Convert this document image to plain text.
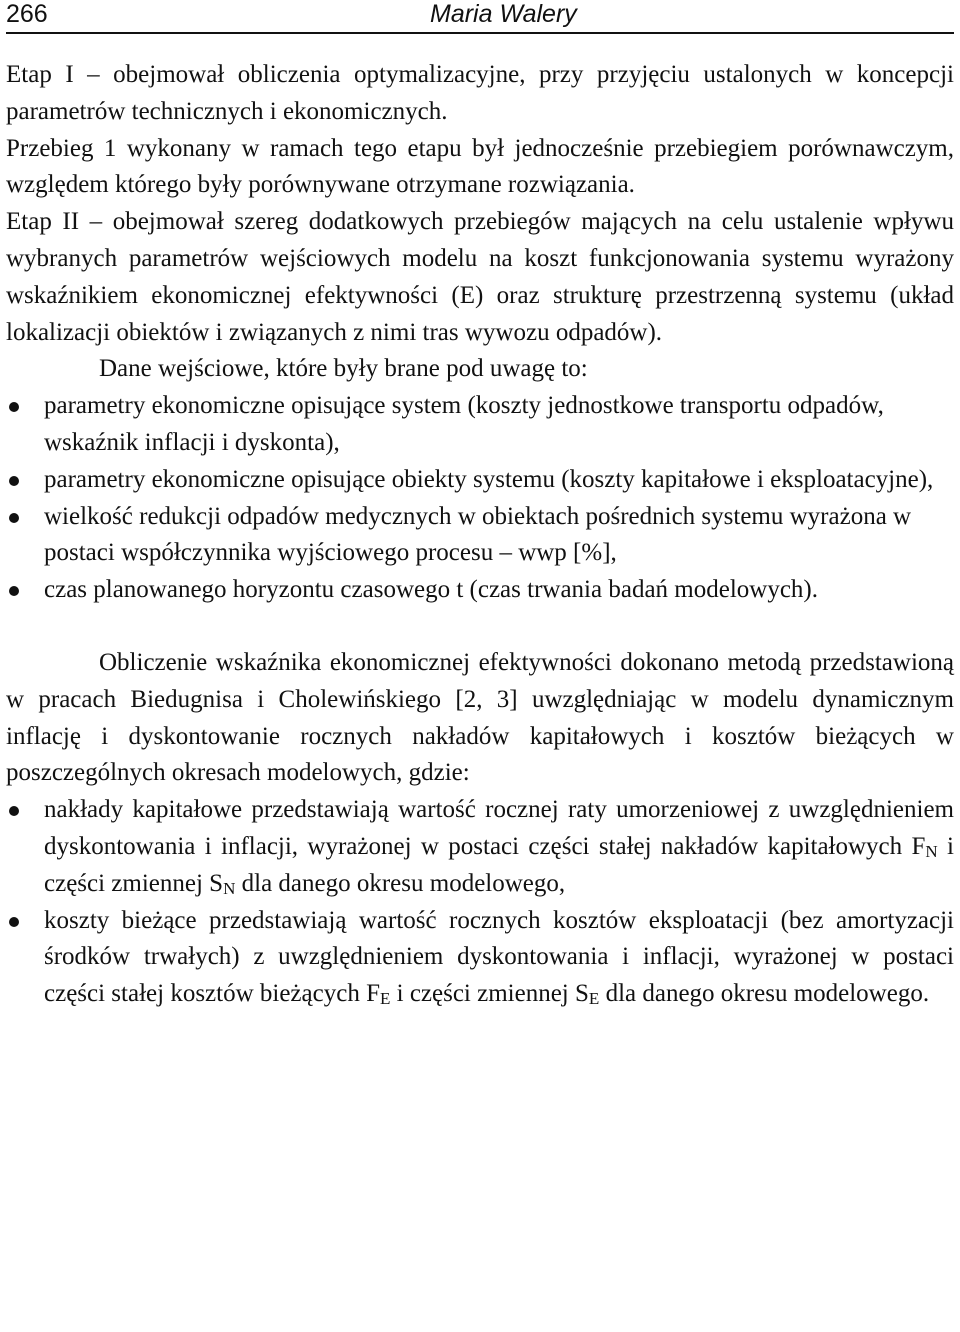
266	Maria Walery

Etap I – obejmował obliczenia optymalizacyjne, przy przyjęciu ustalonych w koncepcji parametrów technicznych i ekonomicznych.

Przebieg 1 wykonany w ramach tego etapu był jednocześnie przebiegiem porównawczym, względem którego były porównywane otrzymane rozwiązania.

Etap II – obejmował szereg dodatkowych przebiegów mających na celu ustalenie wpływu wybranych parametrów wejściowych modelu na koszt funkcjonowania systemu wyrażony wskaźnikiem ekonomicznej efektywności (E) oraz strukturę przestrzenną systemu (układ lokalizacji obiektów i związanych z nimi tras wywozu odpadów).

Dane wejściowe, które były brane pod uwagę to:

parametry ekonomiczne opisujące system (koszty jednostkowe transportu odpadów, wskaźnik inflacji i dyskonta),
parametry ekonomiczne opisujące obiekty systemu (koszty kapitałowe i eksploatacyjne),
wielkość redukcji odpadów medycznych w obiektach pośrednich systemu wyrażona w postaci współczynnika wyjściowego procesu – wwp [%],
czas planowanego horyzontu czasowego t (czas trwania badań modelowych).

Obliczenie wskaźnika ekonomicznej efektywności dokonano metodą przedstawioną w pracach Biedugnisa i Cholewińskiego [2, 3] uwzględniając w modelu dynamicznym inflację i dyskontowanie rocznych nakładów kapitałowych i kosztów bieżących w poszczególnych okresach modelowych, gdzie:

nakłady kapitałowe przedstawiają wartość rocznej raty umorzeniowej z uwzględnieniem dyskontowania i inflacji, wyrażonej w postaci części stałej nakładów kapitałowych $F_N$ i części zmiennej $S_N$ dla danego okresu modelowego,
koszty bieżące przedstawiają wartość rocznych kosztów eksploatacji (bez amortyzacji środków trwałych) z uwzględnieniem dyskontowania i inflacji, wyrażonej w postaci części stałej kosztów bieżących $F_E$ i części zmiennej $S_E$ dla danego okresu modelowego.
